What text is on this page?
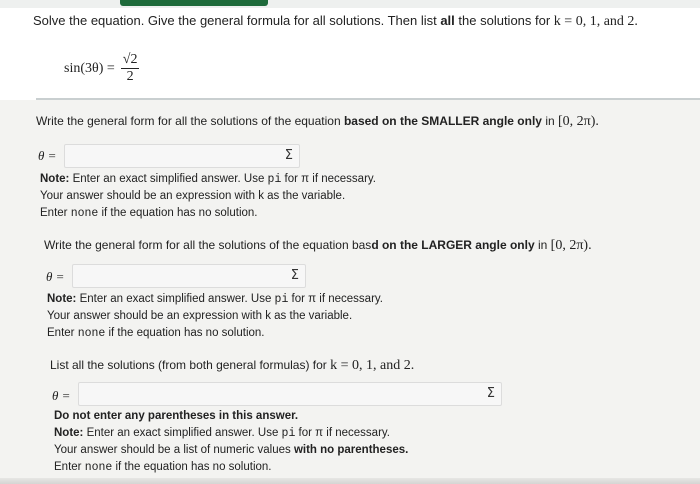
Solve the equation. Give the general formula for all solutions. Then list all the solutions for k = 0, 1, and 2.
$\sin(3\theta) = \frac{√2}{2}$
Write the general form for all the solutions of the equation based on the SMALLER angle only in [0, 2π).
θ =	Σ
Note: Enter an exact simplified answer. Use pi for π if necessary.
Your answer should be an expression with k as the variable.
Enter none if the equation has no solution.
Write the general form for all the solutions of the equation basd on the LARGER angle only in [0, 2π).
θ =	Σ
Note: Enter an exact simplified answer. Use pi for π if necessary.
Your answer should be an expression with k as the variable.
Enter none if the equation has no solution.
List all the solutions (from both general formulas) for k = 0, 1, and 2.
θ =	Σ
Do not enter any parentheses in this answer.
Note: Enter an exact simplified answer. Use pi for π if necessary.
Your answer should be a list of numeric values with no parentheses.
Enter none if the equation has no solution.
